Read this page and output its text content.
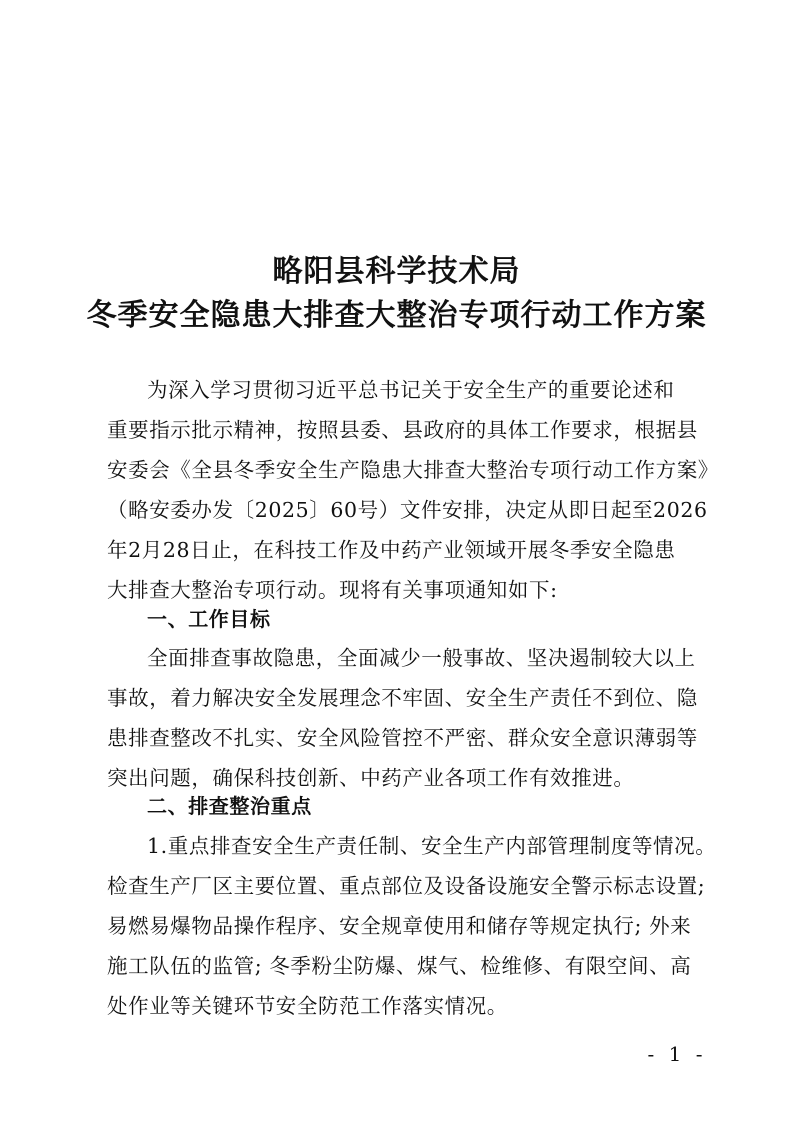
略阳县科学技术局
冬季安全隐患大排查大整治专项行动工作方案
为深入学习贯彻习近平总书记关于安全生产的重要论述和
重要指示批示精神，按照县委、县政府的具体工作要求，根据县
安委会《全县冬季安全生产隐患大排查大整治专项行动工作方案》
（略安委办发〔2025〕60号）文件安排，决定从即日起至2026
年2月28日止，在科技工作及中药产业领域开展冬季安全隐患
大排查大整治专项行动。现将有关事项通知如下:
一、工作目标
全面排查事故隐患，全面减少一般事故、坚决遏制较大以上
事故，着力解决安全发展理念不牢固、安全生产责任不到位、隐
患排查整改不扎实、安全风险管控不严密、群众安全意识薄弱等
突出问题，确保科技创新、中药产业各项工作有效推进。
二、排查整治重点
1.重点排查安全生产责任制、安全生产内部管理制度等情况。
检查生产厂区主要位置、重点部位及设备设施安全警示标志设置;
易燃易爆物品操作程序、安全规章使用和储存等规定执行; 外来
施工队伍的监管; 冬季粉尘防爆、煤气、检维修、有限空间、高
处作业等关键环节安全防范工作落实情况。
- 1 -
